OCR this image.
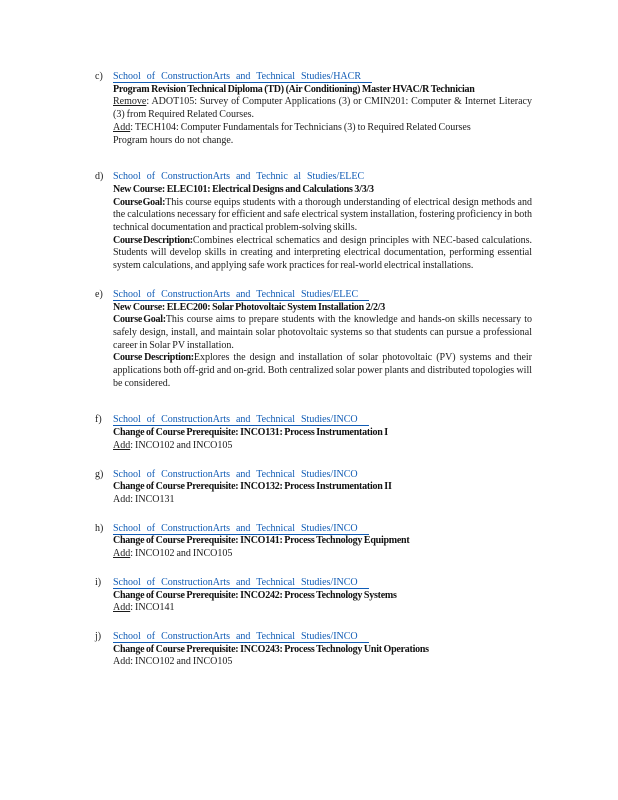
c)	School of ConstructionArts and Technical Studies/HACR
Program Revision Technical Diploma (TD) (Air Conditioning) Master HVAC/R Technician

Remove: ADOT105: Survey of Computer Applications (3) or CMIN201: Computer & Internet Literacy (3) from Required Related Courses.

Add: TECH104: Computer Fundamentals for Technicians (3) to Required Related Courses

Program hours do not change.

d) School of ConstructionArts and Technic al Studies/ELEC
New Course: ELEC101: Electrical Designs and Calculations 3/3/3

Course Goal:This course equips students with a thorough understanding of electrical design methods and the calculations necessary for efficient and safe electrical system installation, fostering proficiency in both technical documentation and practical problem-solving skills.

Course Description:Combines electrical schematics and design principles with NEC-based calculations. Students will develop skills in creating and interpreting electrical documentation, performing essential system calculations, and applying safe work practices for real-world electrical installations.

e)	School of ConstructionArts and Technical Studies/ELEC
New Course: ELEC200: Solar Photovoltaic System Installation 2/2/3

Course Goal:This course aims to prepare students with the knowledge and hands-on skills necessary to safely design, install, and maintain solar photovoltaic systems so that students can pursue a professional career in Solar PV installation.

Course Description:Explores the design and installation of solar photovoltaic (PV) systems and their applications both off-grid and on-grid. Both centralized solar power plants and distributed topologies will be considered.

f)	School of ConstructionArts and Technical Studies/INCO
Change of Course Prerequisite: INCO131: Process Instrumentation I

Add: INCO102 and INCO105

g) School of ConstructionArts and Technical Studies/INCO
Change of Course Prerequisite: INCO132: Process Instrumentation II

Add: INCO131

h) School of ConstructionArts and Technical Studies/INCO
Change of Course Prerequisite: INCO141: Process Technology Equipment

Add: INCO102 and INCO105

i)	School of ConstructionArts and Technical Studies/INCO
Change of Course Prerequisite: INCO242: Process Technology Systems

Add: INCO141

j)	School of ConstructionArts and Technical Studies/INCO
Change of Course Prerequisite: INCO243: Process Technology Unit Operations

Add: INCO102 and INCO105
